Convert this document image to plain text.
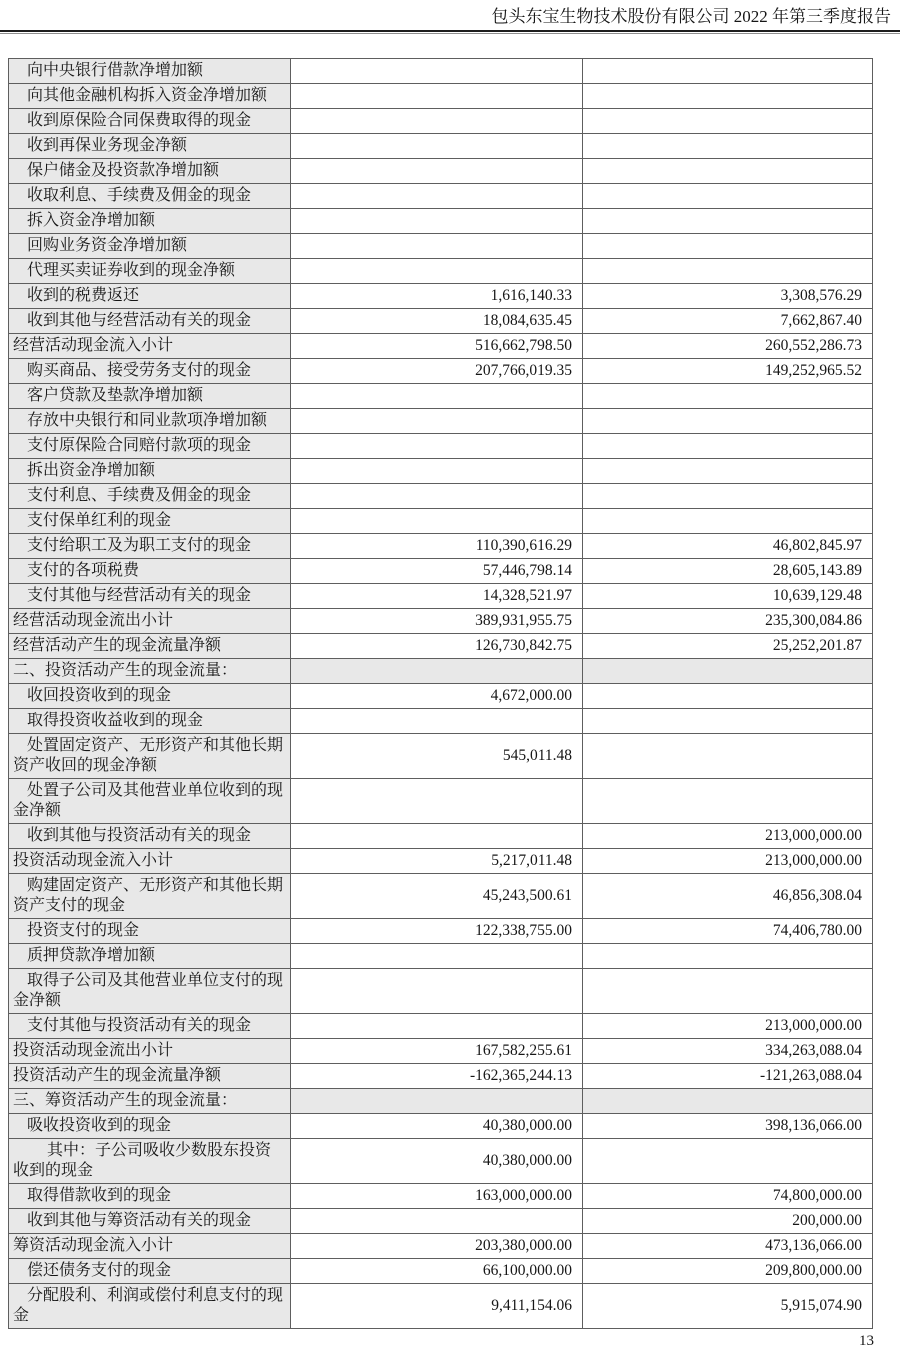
包头东宝生物技术股份有限公司 2022 年第三季度报告
向中央银行借款净增加额		
向其他金融机构拆入资金净增加额		
收到原保险合同保费取得的现金		
收到再保业务现金净额		
保户储金及投资款净增加额		
收取利息、手续费及佣金的现金		
拆入资金净增加额		
回购业务资金净增加额		
代理买卖证券收到的现金净额		
收到的税费返还	1,616,140.33	3,308,576.29
收到其他与经营活动有关的现金	18,084,635.45	7,662,867.40
经营活动现金流入小计	516,662,798.50	260,552,286.73
购买商品、接受劳务支付的现金	207,766,019.35	149,252,965.52
客户贷款及垫款净增加额		
存放中央银行和同业款项净增加额		
支付原保险合同赔付款项的现金		
拆出资金净增加额		
支付利息、手续费及佣金的现金		
支付保单红利的现金		
支付给职工及为职工支付的现金	110,390,616.29	46,802,845.97
支付的各项税费	57,446,798.14	28,605,143.89
支付其他与经营活动有关的现金	14,328,521.97	10,639,129.48
经营活动现金流出小计	389,931,955.75	235,300,084.86
经营活动产生的现金流量净额	126,730,842.75	25,252,201.87
二、投资活动产生的现金流量：		
收回投资收到的现金	4,672,000.00	
取得投资收益收到的现金		
处置固定资产、无形资产和其他长期资产收回的现金净额	545,011.48	
处置子公司及其他营业单位收到的现金净额		
收到其他与投资活动有关的现金		213,000,000.00
投资活动现金流入小计	5,217,011.48	213,000,000.00
购建固定资产、无形资产和其他长期资产支付的现金	45,243,500.61	46,856,308.04
投资支付的现金	122,338,755.00	74,406,780.00
质押贷款净增加额		
取得子公司及其他营业单位支付的现金净额		
支付其他与投资活动有关的现金		213,000,000.00
投资活动现金流出小计	167,582,255.61	334,263,088.04
投资活动产生的现金流量净额	-162,365,244.13	-121,263,088.04
三、筹资活动产生的现金流量：		
吸收投资收到的现金	40,380,000.00	398,136,066.00
其中：子公司吸收少数股东投资收到的现金	40,380,000.00	
取得借款收到的现金	163,000,000.00	74,800,000.00
收到其他与筹资活动有关的现金		200,000.00
筹资活动现金流入小计	203,380,000.00	473,136,066.00
偿还债务支付的现金	66,100,000.00	209,800,000.00
分配股利、利润或偿付利息支付的现金	9,411,154.06	5,915,074.90
13
